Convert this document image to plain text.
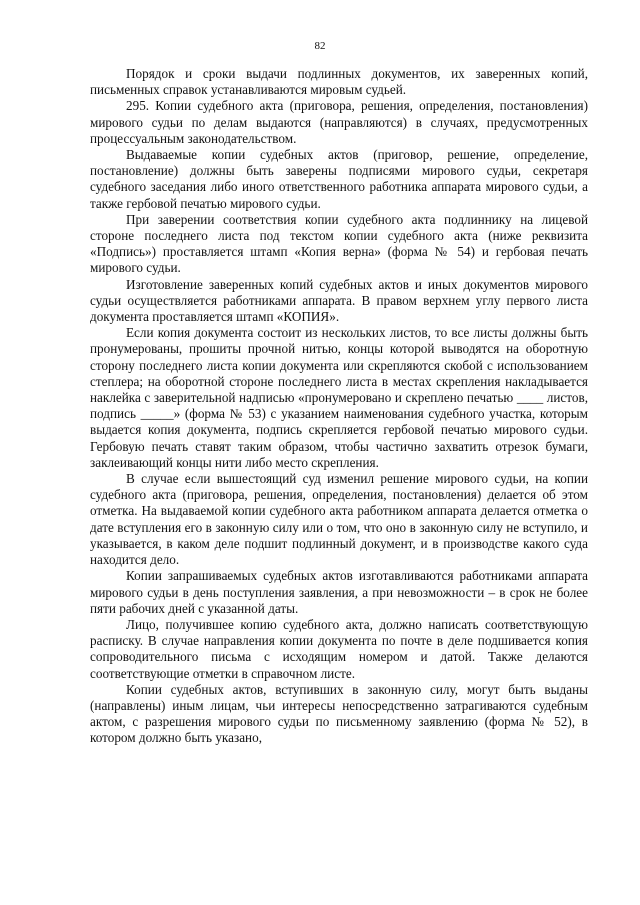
82

Порядок и сроки выдачи подлинных документов, их заверенных копий, письменных справок устанавливаются мировым судьей.

295. Копии судебного акта (приговора, решения, определения, постановления) мирового судьи по делам выдаются (направляются) в случаях, предусмотренных процессуальным законодательством.

Выдаваемые копии судебных актов (приговор, решение, определение, постановление) должны быть заверены подписями мирового судьи, секретаря судебного заседания либо иного ответственного работника аппарата мирового судьи, а также гербовой печатью мирового судьи.

При заверении соответствия копии судебного акта подлиннику на лицевой стороне последнего листа под текстом копии судебного акта (ниже реквизита «Подпись») проставляется штамп «Копия верна» (форма № 54) и гербовая печать мирового судьи.

Изготовление заверенных копий судебных актов и иных документов мирового судьи осуществляется работниками аппарата. В правом верхнем углу первого листа документа проставляется штамп «КОПИЯ».

Если копия документа состоит из нескольких листов, то все листы должны быть пронумерованы, прошиты прочной нитью, концы которой выводятся на оборотную сторону последнего листа копии документа или скрепляются скобой с использованием степлера; на оборотной стороне последнего листа в местах скрепления накладывается наклейка с заверительной надписью «пронумеровано и скреплено печатью ____ листов, подпись _____» (форма № 53) с указанием наименования судебного участка, которым выдается копия документа, подпись скрепляется гербовой печатью мирового судьи. Гербовую печать ставят таким образом, чтобы частично захватить отрезок бумаги, заклеивающий концы нити либо место скрепления.

В случае если вышестоящий суд изменил решение мирового судьи, на копии судебного акта (приговора, решения, определения, постановления) делается об этом отметка. На выдаваемой копии судебного акта работником аппарата делается отметка о дате вступления его в законную силу или о том, что оно в законную силу не вступило, и указывается, в каком деле подшит подлинный документ, и в производстве какого суда находится дело.

Копии запрашиваемых судебных актов изготавливаются работниками аппарата мирового судьи в день поступления заявления, а при невозможности – в срок не более пяти рабочих дней с указанной даты.

Лицо, получившее копию судебного акта, должно написать соответствующую расписку. В случае направления копии документа по почте в деле подшивается копия сопроводительного письма с исходящим номером и датой. Также делаются соответствующие отметки в справочном листе.

Копии судебных актов, вступивших в законную силу, могут быть выданы (направлены) иным лицам, чьи интересы непосредственно затрагиваются судебным актом, с разрешения мирового судьи по письменному заявлению (форма № 52), в котором должно быть указано,
